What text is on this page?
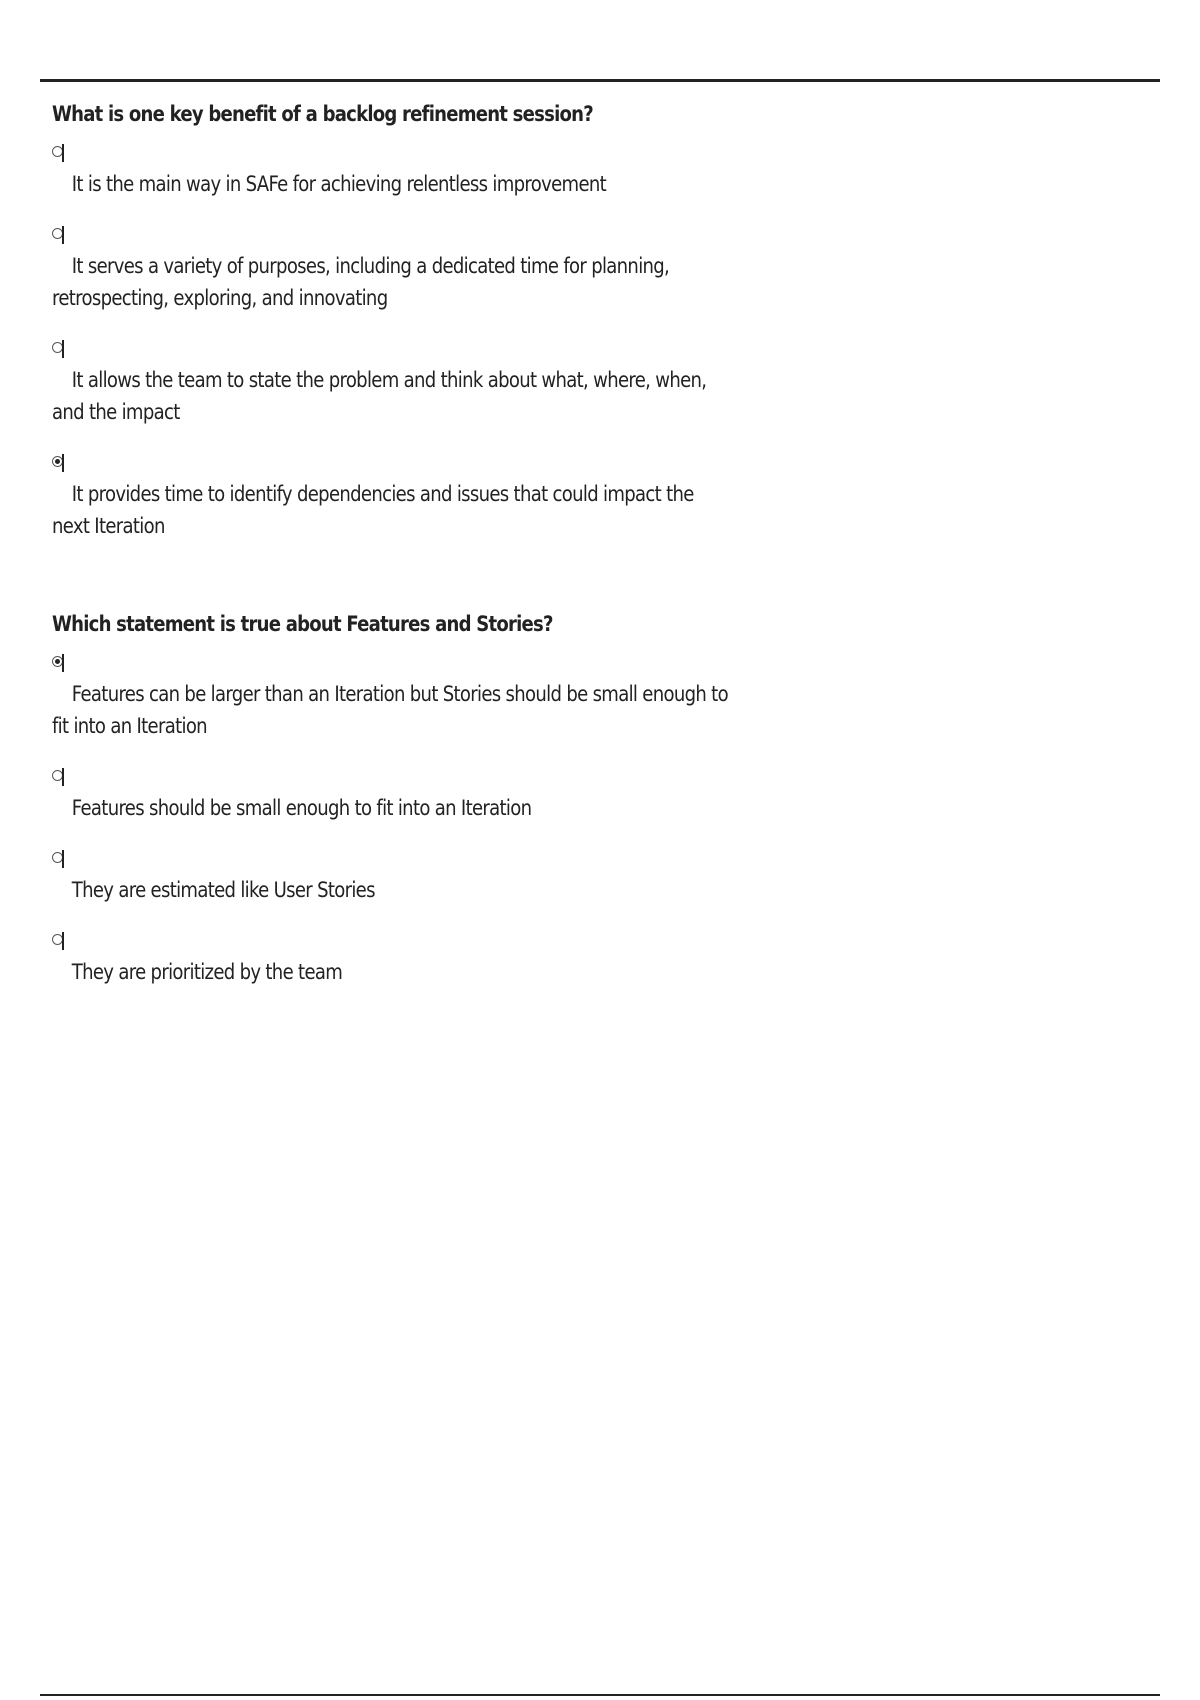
What is one key benefit of a backlog refinement session?
It is the main way in SAFe for achieving relentless improvement
It serves a variety of purposes, including a dedicated time for planning, retrospecting, exploring, and innovating
It allows the team to state the problem and think about what, where, when, and the impact
It provides time to identify dependencies and issues that could impact the next Iteration
Which statement is true about Features and Stories?
Features can be larger than an Iteration but Stories should be small enough to fit into an Iteration
Features should be small enough to fit into an Iteration
They are estimated like User Stories
They are prioritized by the team
